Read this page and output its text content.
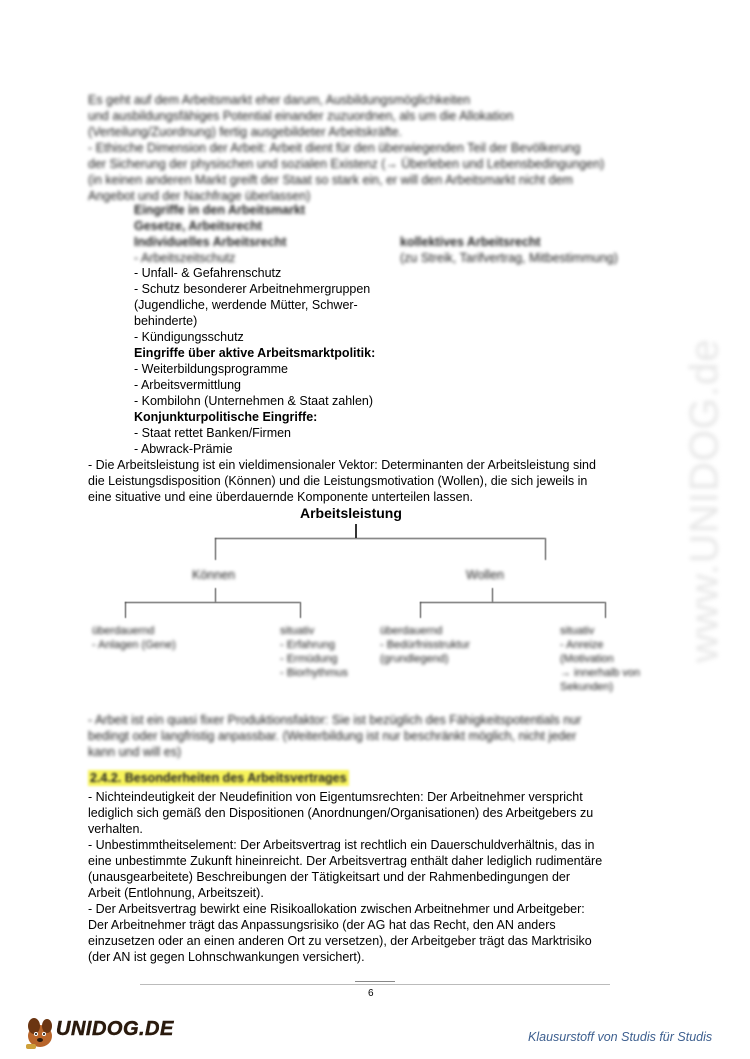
www.UNIDOG.de
Es geht auf dem Arbeitsmarkt eher darum, Ausbildungsmöglichkeiten
und ausbildungsfähiges Potential einander zuzuordnen, als um die Allokation
(Verteilung/Zuordnung) fertig ausgebildeter Arbeitskräfte.
- Ethische Dimension der Arbeit: Arbeit dient für den überwiegenden Teil der Bevölkerung
der Sicherung der physischen und sozialen Existenz (→ Überleben und Lebensbedingungen)
(in keinen anderen Markt greift der Staat so stark ein, er will den Arbeitsmarkt nicht dem
Angebot und der Nachfrage überlassen)
Eingriffe in den Arbeitsmarkt
Gesetze, Arbeitsrecht
Individuelles Arbeitsrecht
- Arbeitszeitschutz
kollektives Arbeitsrecht
(zu Streik, Tarifvertrag, Mitbestimmung)
- Unfall- & Gefahrenschutz
- Schutz besonderer Arbeitnehmergruppen
(Jugendliche, werdende Mütter, Schwer-
behinderte)
- Kündigungsschutz
Eingriffe über aktive Arbeitsmarktpolitik:
- Weiterbildungsprogramme
- Arbeitsvermittlung
- Kombilohn (Unternehmen & Staat zahlen)
Konjunkturpolitische Eingriffe:
- Staat rettet Banken/Firmen
- Abwrack-Prämie
- Die Arbeitsleistung ist ein vieldimensionaler Vektor: Determinanten der Arbeitsleistung sind
die Leistungsdisposition (Können) und die Leistungsmotivation (Wollen), die sich jeweils in
eine situative und eine überdauernde Komponente unterteilen lassen.
Arbeitsleistung
Können	Wollen
überdauernd
- Anlagen (Gene)
situativ
- Erfahrung
- Ermüdung
- Biorhythmus
überdauernd
- Bedürfnisstruktur
(grundlegend)
situativ
- Anreize
(Motivation
→ innerhalb von
Sekunden)
- Arbeit ist ein quasi fixer Produktionsfaktor: Sie ist bezüglich des Fähigkeitspotentials nur
bedingt oder langfristig anpassbar. (Weiterbildung ist nur beschränkt möglich, nicht jeder
kann und will es)
2.4.2. Besonderheiten des Arbeitsvertrages
- Nichteindeutigkeit der Neudefinition von Eigentumsrechten: Der Arbeitnehmer verspricht
lediglich sich gemäß den Dispositionen (Anordnungen/Organisationen) des Arbeitgebers zu
verhalten.
- Unbestimmtheitselement: Der Arbeitsvertrag ist rechtlich ein Dauerschuldverhältnis, das in
eine unbestimmte Zukunft hineinreicht. Der Arbeitsvertrag enthält daher lediglich rudimentäre
(unausgearbeitete) Beschreibungen der Tätigkeitsart und der Rahmenbedingungen der
Arbeit (Entlohnung, Arbeitszeit).
- Der Arbeitsvertrag bewirkt eine Risikoallokation zwischen Arbeitnehmer und Arbeitgeber:
Der Arbeitnehmer trägt das Anpassungsrisiko (der AG hat das Recht, den AN anders
einzusetzen oder an einen anderen Ort zu versetzen), der Arbeitgeber trägt das Marktrisiko
(der AN ist gegen Lohnschwankungen versichert).
6
UNIDOG.DE	Klausurstoff von Studis für Studis
